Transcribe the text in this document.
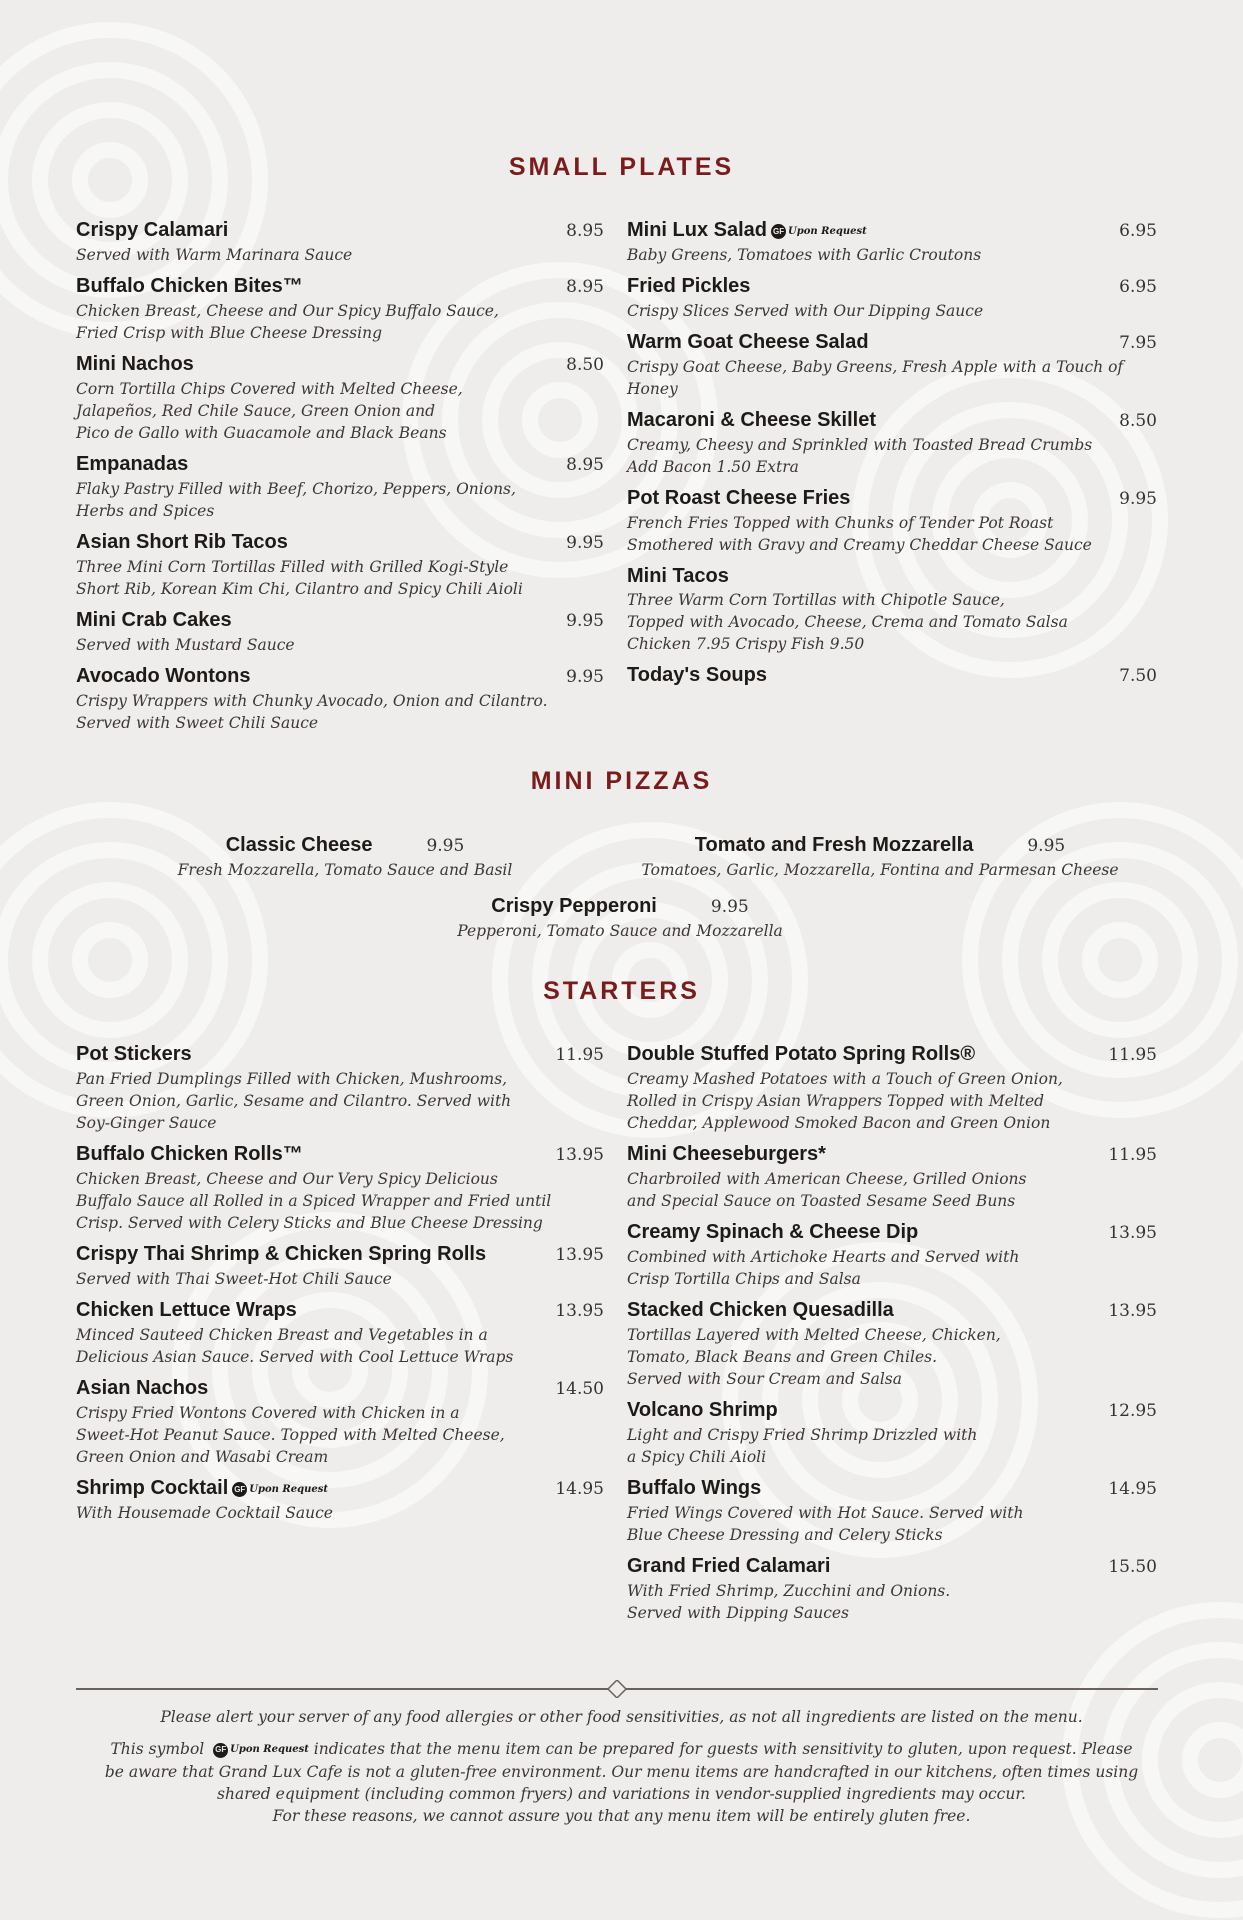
SMALL PLATES
Crispy Calamari	8.95
Served with Warm Marinara Sauce
Buffalo Chicken Bites™	8.95
Chicken Breast, Cheese and Our Spicy Buffalo Sauce,
Fried Crisp with Blue Cheese Dressing
Mini Nachos	8.50
Corn Tortilla Chips Covered with Melted Cheese,
Jalapeños, Red Chile Sauce, Green Onion and
Pico de Gallo with Guacamole and Black Beans
Empanadas	8.95
Flaky Pastry Filled with Beef, Chorizo, Peppers, Onions,
Herbs and Spices
Asian Short Rib Tacos	9.95
Three Mini Corn Tortillas Filled with Grilled Kogi-Style
Short Rib, Korean Kim Chi, Cilantro and Spicy Chili Aioli
Mini Crab Cakes	9.95
Served with Mustard Sauce
Avocado Wontons	9.95
Crispy Wrappers with Chunky Avocado, Onion and Cilantro.
Served with Sweet Chili Sauce
Mini Lux Salad GF Upon Request	6.95
Baby Greens, Tomatoes with Garlic Croutons
Fried Pickles	6.95
Crispy Slices Served with Our Dipping Sauce
Warm Goat Cheese Salad	7.95
Crispy Goat Cheese, Baby Greens, Fresh Apple with a Touch of Honey
Macaroni & Cheese Skillet	8.50
Creamy, Cheesy and Sprinkled with Toasted Bread Crumbs
Add Bacon 1.50 Extra
Pot Roast Cheese Fries	9.95
French Fries Topped with Chunks of Tender Pot Roast
Smothered with Gravy and Creamy Cheddar Cheese Sauce
Mini Tacos
Three Warm Corn Tortillas with Chipotle Sauce,
Topped with Avocado, Cheese, Crema and Tomato Salsa
Chicken 7.95 Crispy Fish 9.50
Today's Soups	7.50
MINI PIZZAS
Classic Cheese	9.95
Fresh Mozzarella, Tomato Sauce and Basil
Tomato and Fresh Mozzarella	9.95
Tomatoes, Garlic, Mozzarella, Fontina and Parmesan Cheese
Crispy Pepperoni	9.95
Pepperoni, Tomato Sauce and Mozzarella
STARTERS
Pot Stickers	11.95
Pan Fried Dumplings Filled with Chicken, Mushrooms,
Green Onion, Garlic, Sesame and Cilantro. Served with
Soy-Ginger Sauce
Buffalo Chicken Rolls™	13.95
Chicken Breast, Cheese and Our Very Spicy Delicious
Buffalo Sauce all Rolled in a Spiced Wrapper and Fried until
Crisp. Served with Celery Sticks and Blue Cheese Dressing
Crispy Thai Shrimp & Chicken Spring Rolls	13.95
Served with Thai Sweet-Hot Chili Sauce
Chicken Lettuce Wraps	13.95
Minced Sauteed Chicken Breast and Vegetables in a
Delicious Asian Sauce. Served with Cool Lettuce Wraps
Asian Nachos	14.50
Crispy Fried Wontons Covered with Chicken in a
Sweet-Hot Peanut Sauce. Topped with Melted Cheese,
Green Onion and Wasabi Cream
Shrimp Cocktail GF Upon Request	14.95
With Housemade Cocktail Sauce
Double Stuffed Potato Spring Rolls®	11.95
Creamy Mashed Potatoes with a Touch of Green Onion,
Rolled in Crispy Asian Wrappers Topped with Melted
Cheddar, Applewood Smoked Bacon and Green Onion
Mini Cheeseburgers*	11.95
Charbroiled with American Cheese, Grilled Onions
and Special Sauce on Toasted Sesame Seed Buns
Creamy Spinach & Cheese Dip	13.95
Combined with Artichoke Hearts and Served with
Crisp Tortilla Chips and Salsa
Stacked Chicken Quesadilla	13.95
Tortillas Layered with Melted Cheese, Chicken,
Tomato, Black Beans and Green Chiles.
Served with Sour Cream and Salsa
Volcano Shrimp	12.95
Light and Crispy Fried Shrimp Drizzled with
a Spicy Chili Aioli
Buffalo Wings	14.95
Fried Wings Covered with Hot Sauce. Served with
Blue Cheese Dressing and Celery Sticks
Grand Fried Calamari	15.50
With Fried Shrimp, Zucchini and Onions.
Served with Dipping Sauces
Please alert your server of any food allergies or other food sensitivities, as not all ingredients are listed on the menu.
This symbol GF Upon Request indicates that the menu item can be prepared for guests with sensitivity to gluten, upon request. Please
be aware that Grand Lux Cafe is not a gluten-free environment. Our menu items are handcrafted in our kitchens, often times using
shared equipment (including common fryers) and variations in vendor-supplied ingredients may occur.
For these reasons, we cannot assure you that any menu item will be entirely gluten free.
